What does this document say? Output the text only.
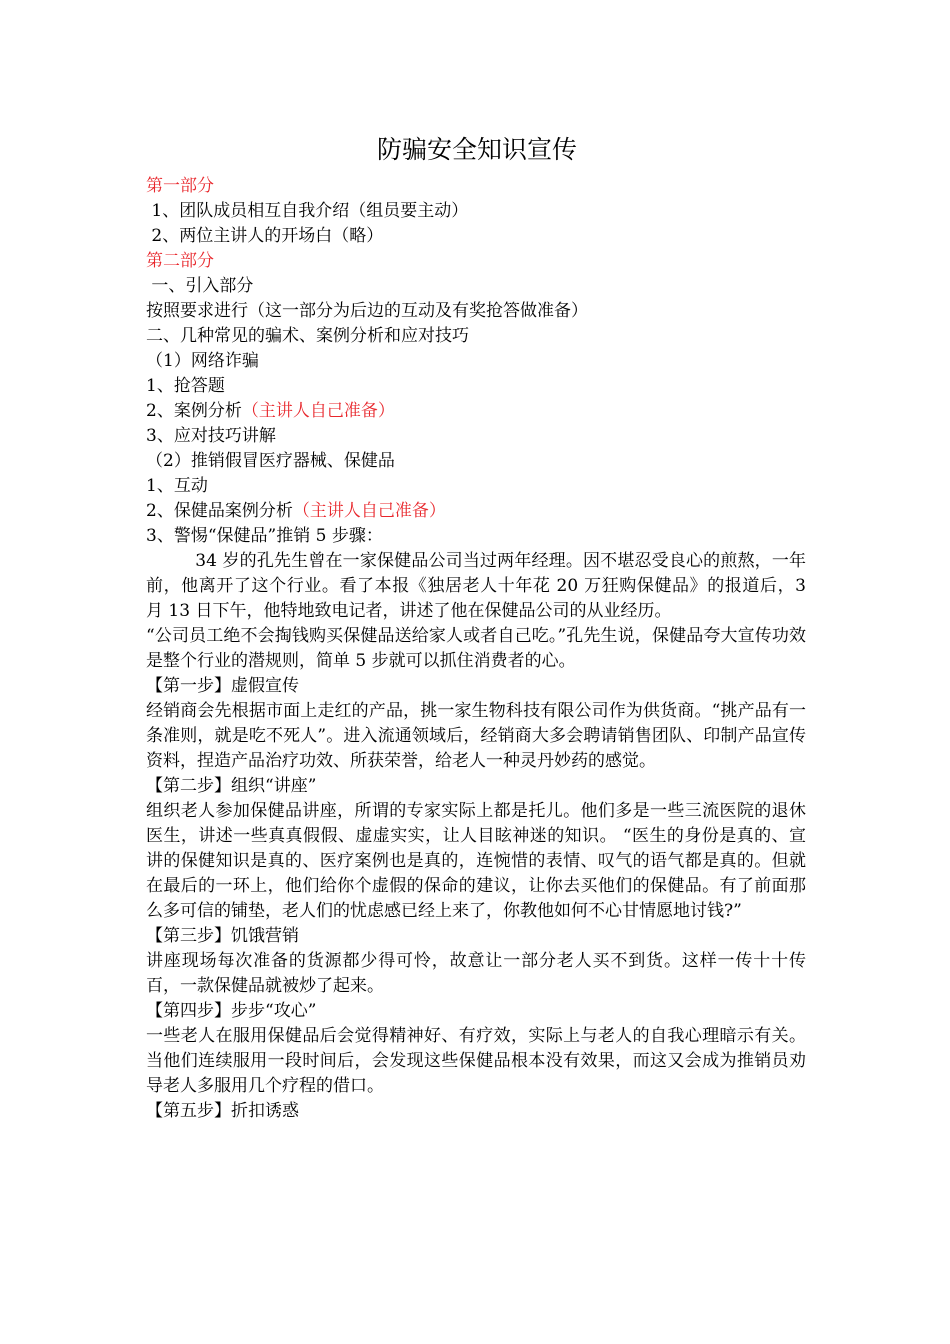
防骗安全知识宣传

第一部分

1、团队成员相互自我介绍（组员要主动）

2、两位主讲人的开场白（略）

第二部分

一、引入部分

按照要求进行（这一部分为后边的互动及有奖抢答做准备）

二、几种常见的骗术、案例分析和应对技巧

（1）网络诈骗

1、抢答题

2、案例分析（主讲人自己准备）

3、应对技巧讲解

（2）推销假冒医疗器械、保健品

1、互动

2、保健品案例分析（主讲人自己准备）

3、警惕“保健品”推销 5 步骤：

34 岁的孔先生曾在一家保健品公司当过两年经理。因不堪忍受良心的煎熬，一年前，他离开了这个行业。看了本报《独居老人十年花 20 万狂购保健品》的报道后，3 月 13 日下午，他特地致电记者，讲述了他在保健品公司的从业经历。

“公司员工绝不会掏钱购买保健品送给家人或者自己吃。”孔先生说，保健品夸大宣传功效是整个行业的潜规则，简单 5 步就可以抓住消费者的心。

【第一步】虚假宣传

经销商会先根据市面上走红的产品，挑一家生物科技有限公司作为供货商。“挑产品有一条准则，就是吃不死人”。进入流通领域后，经销商大多会聘请销售团队、印制产品宣传资料，捏造产品治疗功效、所获荣誉，给老人一种灵丹妙药的感觉。

【第二步】组织“讲座”

组织老人参加保健品讲座，所谓的专家实际上都是托儿。他们多是一些三流医院的退休医生，讲述一些真真假假、虚虚实实，让人目眩神迷的知识。 “医生的身份是真的、宣讲的保健知识是真的、医疗案例也是真的，连惋惜的表情、叹气的语气都是真的。但就在最后的一环上，他们给你个虚假的保命的建议，让你去买他们的保健品。有了前面那么多可信的铺垫，老人们的忧虑感已经上来了，你教他如何不心甘情愿地讨钱?”

【第三步】饥饿营销

讲座现场每次准备的货源都少得可怜，故意让一部分老人买不到货。这样一传十十传百，一款保健品就被炒了起来。

【第四步】步步“攻心”

一些老人在服用保健品后会觉得精神好、有疗效，实际上与老人的自我心理暗示有关。当他们连续服用一段时间后，会发现这些保健品根本没有效果，而这又会成为推销员劝导老人多服用几个疗程的借口。

【第五步】折扣诱惑
